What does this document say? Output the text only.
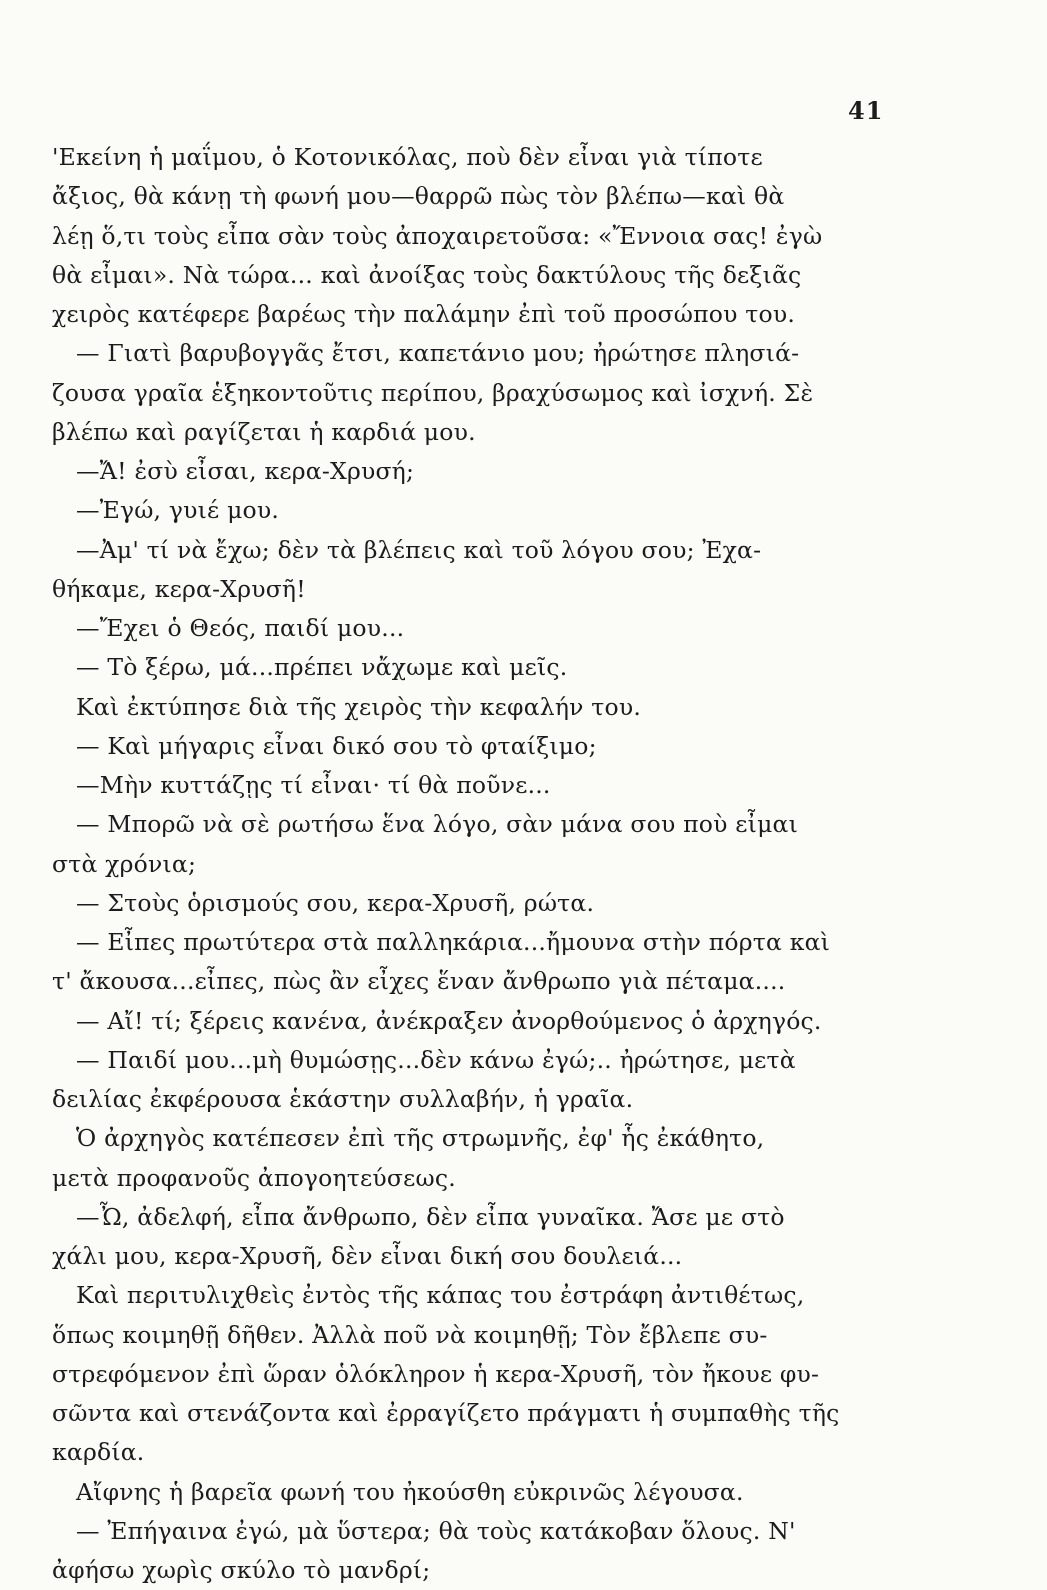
41
'Εκείνη ἡ μαΐμου, ὁ Κοτονικόλας, ποὺ δὲν εἶναι γιὰ τίποτε
ἄξιος, θὰ κάνῃ τὴ φωνή μου—θαρρῶ πὼς τὸν βλέπω—καὶ θὰ
λέῃ ὅ,τι τοὺς εἶπα σὰν τοὺς ἀποχαιρετοῦσα: «Ἔννοια σας! ἐγὼ
θὰ εἶμαι». Νὰ τώρα... καὶ ἀνοίξας τοὺς δακτύλους τῆς δεξιᾶς
χειρὸς κατέφερε βαρέως τὴν παλάμην ἐπὶ τοῦ προσώπου του.
— Γιατὶ βαρυβογγᾶς ἔτσι, καπετάνιο μου; ἠρώτησε πλησιά-
ζουσα γραῖα ἑξηκοντοῦτις περίπου, βραχύσωμος καὶ ἰσχνή. Σὲ
βλέπω καὶ ραγίζεται ἡ καρδιά μου.
—Ἄ! ἐσὺ εἶσαι, κερα-Χρυσή;
—Ἐγώ, γυιέ μου.
—Ἀμ' τί νὰ ἔχω; δὲν τὰ βλέπεις καὶ τοῦ λόγου σου; Ἐχα-
θήκαμε, κερα-Χρυσῆ!
—Ἔχει ὁ Θεός, παιδί μου...
— Τὸ ξέρω, μά...πρέπει νἄχωμε καὶ μεῖς.
Καὶ ἐκτύπησε διὰ τῆς χειρὸς τὴν κεφαλήν του.
— Καὶ μήγαρις εἶναι δικό σου τὸ φταίξιμο;
—Μὴν κυττάζῃς τί εἶναι· τί θὰ ποῦνε...
— Μπορῶ νὰ σὲ ρωτήσω ἕνα λόγο, σὰν μάνα σου ποὺ εἶμαι
στὰ χρόνια;
— Στοὺς ὁρισμούς σου, κερα-Χρυσῆ, ρώτα.
— Εἶπες πρωτύτερα στὰ παλληκάρια...ἤμουνα στὴν πόρτα καὶ
τ' ἄκουσα...εἶπες, πὼς ἂν εἶχες ἕναν ἄνθρωπο γιὰ πέταμα....
— Αἴ! τί; ξέρεις κανένα, ἀνέκραξεν ἀνορθούμενος ὁ ἀρχηγός.
— Παιδί μου...μὴ θυμώσῃς...δὲν κάνω ἐγώ;.. ἠρώτησε, μετὰ
δειλίας ἐκφέρουσα ἑκάστην συλλαβήν, ἡ γραῖα.
Ὁ ἀρχηγὸς κατέπεσεν ἐπὶ τῆς στρωμνῆς, ἐφ' ἧς ἐκάθητο,
μετὰ προφανοῦς ἀπογοητεύσεως.
—Ὦ, ἀδελφή, εἶπα ἄνθρωπο, δὲν εἶπα γυναῖκα. Ἄσε με στὸ
χάλι μου, κερα-Χρυσῆ, δὲν εἶναι δική σου δουλειά...
Καὶ περιτυλιχθεὶς ἐντὸς τῆς κάπας του ἐστράφη ἀντιθέτως,
ὅπως κοιμηθῇ δῆθεν. Ἀλλὰ ποῦ νὰ κοιμηθῇ; Τὸν ἔβλεπε συ-
στρεφόμενον ἐπὶ ὥραν ὁλόκληρον ἡ κερα-Χρυσῆ, τὸν ἤκουε φυ-
σῶντα καὶ στενάζοντα καὶ ἐρραγίζετο πράγματι ἡ συμπαθὴς τῆς
καρδία.
Αἴφνης ἡ βαρεῖα φωνή του ἠκούσθη εὐκρινῶς λέγουσα.
— Ἐπήγαινα ἐγώ, μὰ ὕστερα; θὰ τοὺς κατάκοβαν ὅλους. Ν'
ἀφήσω χωρὶς σκύλο τὸ μανδρί;
